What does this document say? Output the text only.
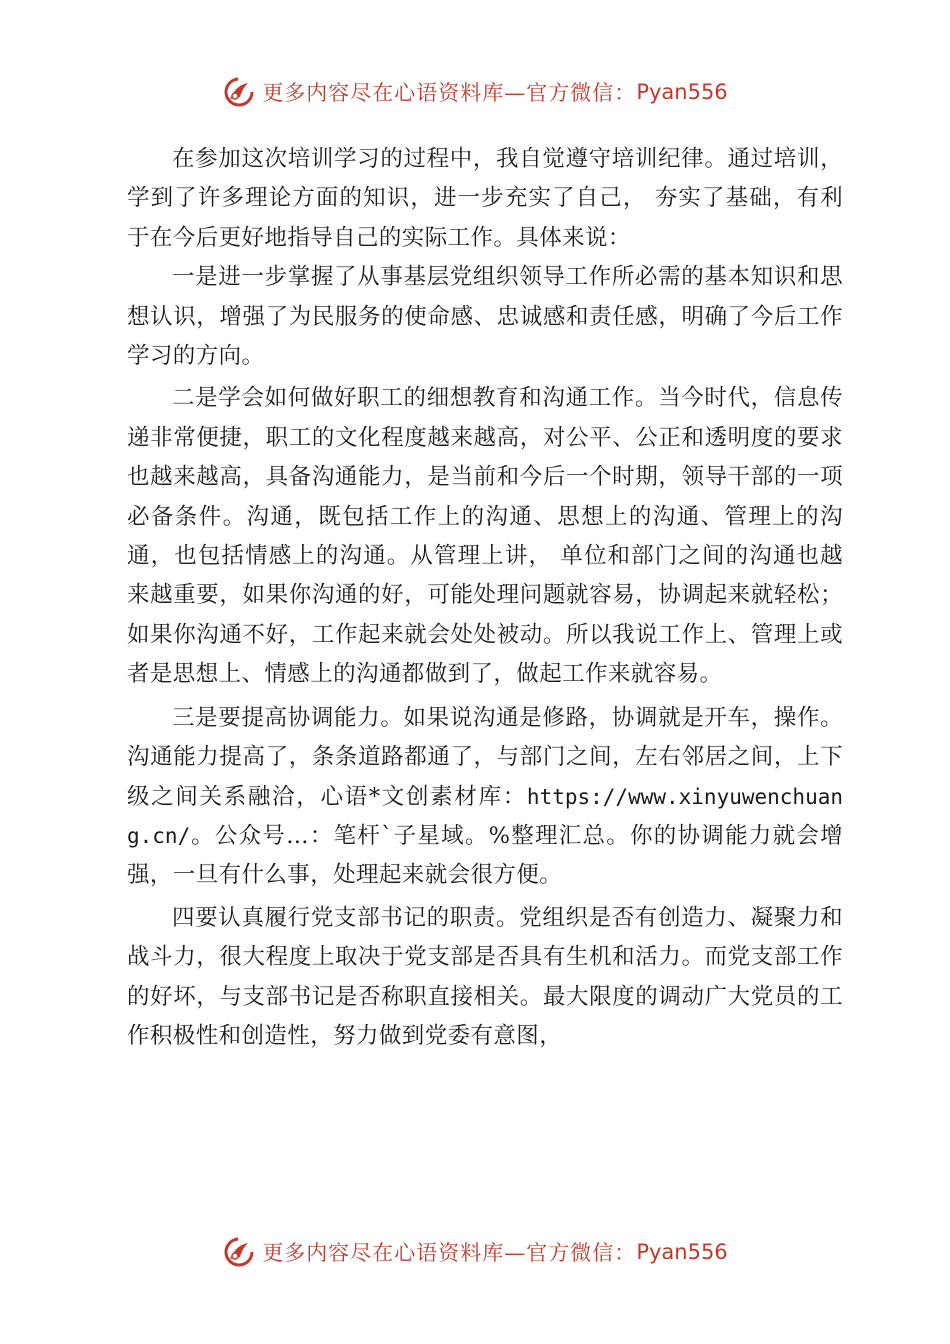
更多内容尽在心语资料库—官方微信： Pyan556

在参加这次培训学习的过程中，我自觉遵守培训纪律。通过培训，学到了许多理论方面的知识，进一步充实了自己， 夯实了基础，有利于在今后更好地指导自己的实际工作。具体来说：

一是进一步掌握了从事基层党组织领导工作所必需的基本知识和思想认识，增强了为民服务的使命感、忠诚感和责任感，明确了今后工作学习的方向。

二是学会如何做好职工的细想教育和沟通工作。当今时代，信息传递非常便捷，职工的文化程度越来越高，对公平、公正和透明度的要求也越来越高，具备沟通能力，是当前和今后一个时期，领导干部的一项必备条件。沟通，既包括工作上的沟通、思想上的沟通、管理上的沟通，也包括情感上的沟通。从管理上讲， 单位和部门之间的沟通也越来越重要，如果你沟通的好，可能处理问题就容易，协调起来就轻松；如果你沟通不好，工作起来就会处处被动。所以我说工作上、管理上或者是思想上、情感上的沟通都做到了，做起工作来就容易。

三是要提高协调能力。如果说沟通是修路，协调就是开车，操作。沟通能力提高了，条条道路都通了，与部门之间，左右邻居之间，上下级之间关系融洽，心语*文创素材库：https://www.xinyuwenchuang.cn/。公众号…：笔杆`子星域。%整理汇总。你的协调能力就会增强，一旦有什么事，处理起来就会很方便。

四要认真履行党支部书记的职责。党组织是否有创造力、凝聚力和战斗力，很大程度上取决于党支部是否具有生机和活力。而党支部工作的好坏，与支部书记是否称职直接相关。最大限度的调动广大党员的工作积极性和创造性，努力做到党委有意图，

更多内容尽在心语资料库—官方微信： Pyan556
